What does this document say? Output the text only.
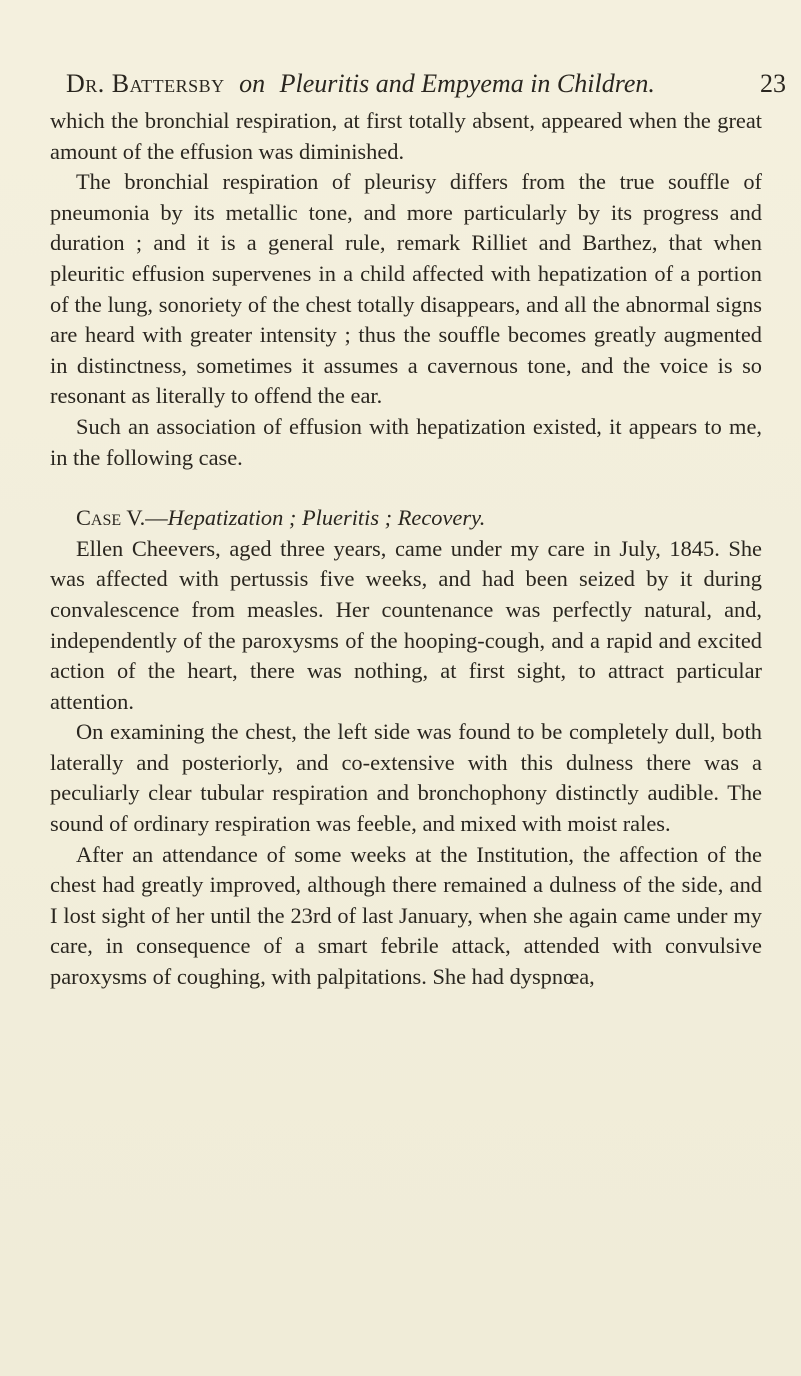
Dr. Battersby on Pleuritis and Empyema in Children.	23

which the bronchial respiration, at first totally absent, appeared when the great amount of the effusion was diminished.

The bronchial respiration of pleurisy differs from the true souffle of pneumonia by its metallic tone, and more particularly by its progress and duration ; and it is a general rule, remark Rilliet and Barthez, that when pleuritic effusion supervenes in a child affected with hepatization of a portion of the lung, sonoriety of the chest totally disappears, and all the abnormal signs are heard with greater intensity ; thus the souffle becomes greatly augmented in distinctness, sometimes it assumes a cavernous tone, and the voice is so resonant as literally to offend the ear.

Such an association of effusion with hepatization existed, it appears to me, in the following case.

Case V.—Hepatization ; Plueritis ; Recovery.

Ellen Cheevers, aged three years, came under my care in July, 1845. She was affected with pertussis five weeks, and had been seized by it during convalescence from measles. Her countenance was perfectly natural, and, independently of the paroxysms of the hooping-cough, and a rapid and excited action of the heart, there was nothing, at first sight, to attract particular attention.

On examining the chest, the left side was found to be completely dull, both laterally and posteriorly, and co-extensive with this dulness there was a peculiarly clear tubular respiration and bronchophony distinctly audible. The sound of ordinary respiration was feeble, and mixed with moist rales.

After an attendance of some weeks at the Institution, the affection of the chest had greatly improved, although there remained a dulness of the side, and I lost sight of her until the 23rd of last January, when she again came under my care, in consequence of a smart febrile attack, attended with convulsive paroxysms of coughing, with palpitations. She had dyspnœa,
